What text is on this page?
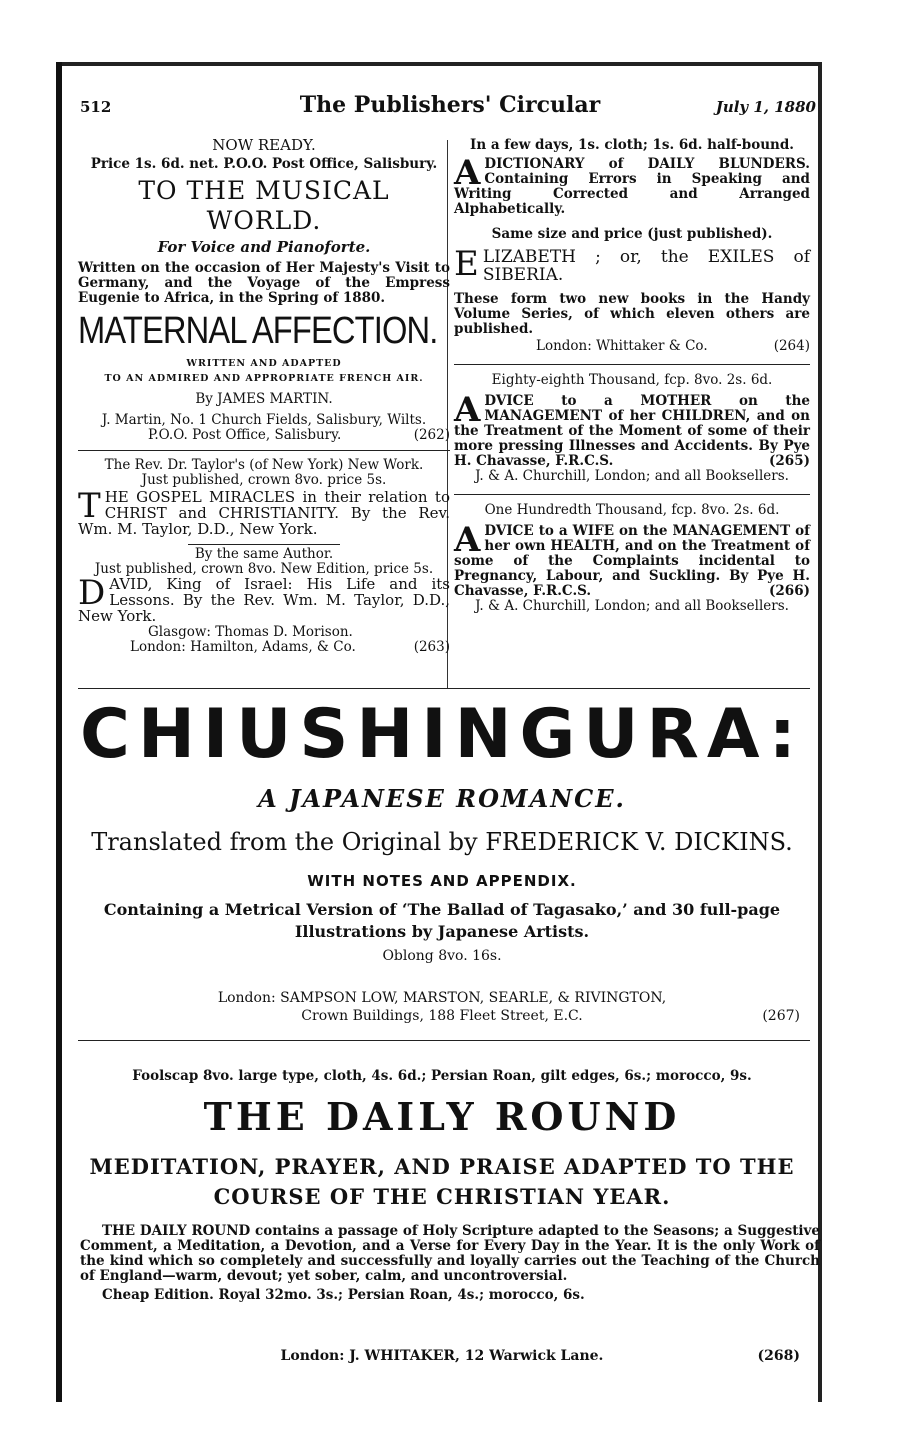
512	The Publishers' Circular	July 1, 1880
NOW READY.
Price 1s. 6d. net. P.O.O. Post Office, Salisbury.
TO THE MUSICAL WORLD.
For Voice and Pianoforte.
Written on the occasion of Her Majesty's Visit to Germany, and the Voyage of the Empress Eugenie to Africa, in the Spring of 1880.
MATERNAL AFFECTION.
WRITTEN AND ADAPTED
TO AN ADMIRED AND APPROPRIATE FRENCH AIR.
By JAMES MARTIN.
J. Martin, No. 1 Church Fields, Salisbury, Wilts.
P.O.O. Post Office, Salisbury.	(262)
The Rev. Dr. Taylor's (of New York) New Work.
Just published, crown 8vo. price 5s.
THE GOSPEL MIRACLES in their relation to CHRIST and CHRISTIANITY. By the Rev. Wm. M. Taylor, D.D., New York.
By the same Author.
Just published, crown 8vo. New Edition, price 5s.
DAVID, King of Israel: His Life and its Lessons. By the Rev. Wm. M. Taylor, D.D., New York.
Glasgow: Thomas D. Morison.
London: Hamilton, Adams, & Co.	(263)
In a few days, 1s. cloth; 1s. 6d. half-bound.
ADICTIONARY of DAILY BLUNDERS. Containing Errors in Speaking and Writing Corrected and Arranged Alphabetically.
Same size and price (just published).
ELIZABETH ; or, the EXILES of SIBERIA.
These form two new books in the Handy Volume Series, of which eleven others are published.
London: Whittaker & Co.	(264)
Eighty-eighth Thousand, fcp. 8vo. 2s. 6d.
ADVICE to a MOTHER on the MANAGEMENT of her CHILDREN, and on the Treatment of the Moment of some of their more pressing Illnesses and Accidents. By Pye H. Chavasse, F.R.C.S.	(265)
J. & A. Churchill, London; and all Booksellers.
One Hundredth Thousand, fcp. 8vo. 2s. 6d.
ADVICE to a WIFE on the MANAGEMENT of her own HEALTH, and on the Treatment of some of the Complaints incidental to Pregnancy, Labour, and Suckling. By Pye H. Chavasse, F.R.C.S.	(266)
J. & A. Churchill, London; and all Booksellers.
CHIUSHINGURA:
A JAPANESE ROMANCE.
Translated from the Original by FREDERICK V. DICKINS.
WITH NOTES AND APPENDIX.
Containing a Metrical Version of ‘The Ballad of Tagasako,’ and 30 full-page
Illustrations by Japanese Artists.
Oblong 8vo. 16s.
London: SAMPSON LOW, MARSTON, SEARLE, & RIVINGTON,
Crown Buildings, 188 Fleet Street, E.C.	(267)
Foolscap 8vo. large type, cloth, 4s. 6d.; Persian Roan, gilt edges, 6s.; morocco, 9s.
THE DAILY ROUND
MEDITATION, PRAYER, AND PRAISE ADAPTED TO THE
COURSE OF THE CHRISTIAN YEAR.
THE DAILY ROUND contains a passage of Holy Scripture adapted to the Seasons; a Suggestive Comment, a Meditation, a Devotion, and a Verse for Every Day in the Year. It is the only Work of the kind which so completely and successfully and loyally carries out the Teaching of the Church of England—warm, devout; yet sober, calm, and uncontroversial.
Cheap Edition. Royal 32mo. 3s.; Persian Roan, 4s.; morocco, 6s.
London: J. WHITAKER, 12 Warwick Lane.	(268)
